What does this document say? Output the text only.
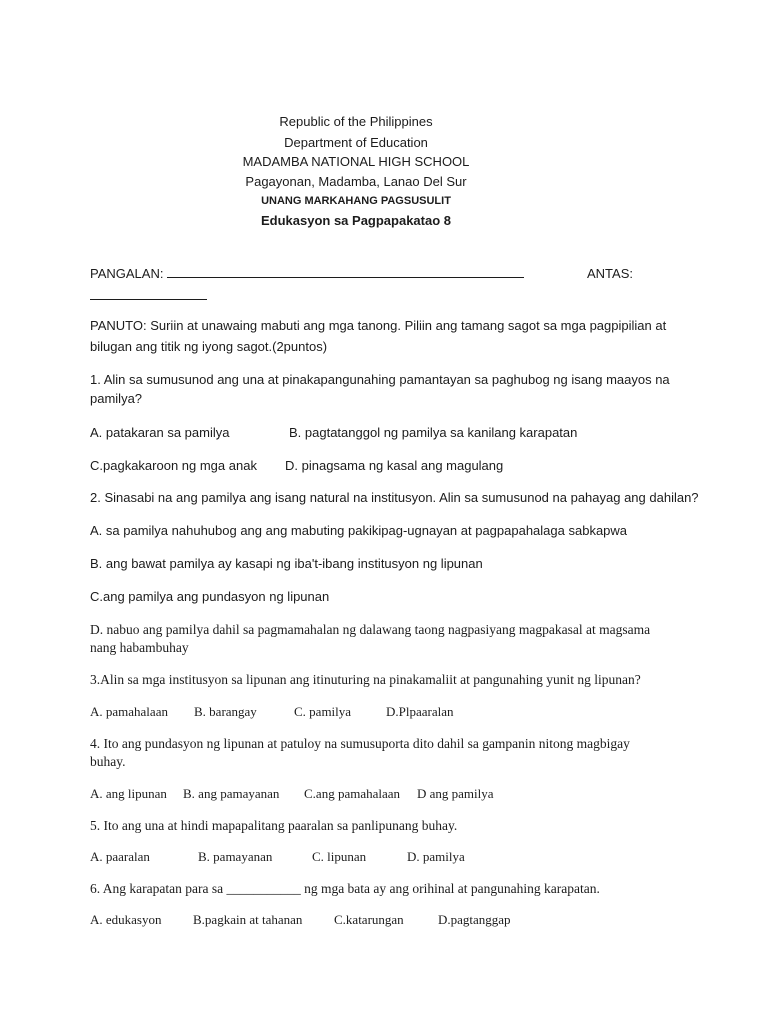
Republic of the Philippines
Department of Education
MADAMBA NATIONAL HIGH SCHOOL
Pagayonan, Madamba, Lanao Del Sur
UNANG MARKAHANG PAGSUSULIT
Edukasyon sa Pagpapakatao 8
PANGALAN:	ANTAS:
PANUTO: Suriin at unawaing mabuti ang mga tanong. Piliin ang tamang sagot sa mga pagpipilian at
bilugan ang titik ng iyong sagot.(2puntos)
1. Alin sa sumusunod ang una at pinakapangunahing pamantayan sa paghubog ng isang maayos na
pamilya?
A. patakaran sa pamilya	B. pagtatanggol ng pamilya sa kanilang karapatan
C.pagkakaroon ng mga anak D. pinagsama ng kasal ang magulang
2. Sinasabi na ang pamilya ang isang natural na institusyon. Alin sa sumusunod na pahayag ang dahilan?
A. sa pamilya nahuhubog ang ang mabuting pakikipag-ugnayan at pagpapahalaga sabkapwa
B. ang bawat pamilya ay kasapi ng iba't-ibang institusyon ng lipunan
C.ang pamilya ang pundasyon ng lipunan
D. nabuo ang pamilya dahil sa pagmamahalan ng dalawang taong nagpasiyang magpakasal at magsama
nang habambuhay
3.Alin sa mga institusyon sa lipunan ang itinuturing na pinakamaliit at pangunahing yunit ng lipunan?
A. pamahalaan B. barangay	C. pamilya	D.Plpaaralan
4. Ito ang pundasyon ng lipunan at patuloy na sumusuporta dito dahil sa gampanin nitong magbigay
buhay.
A. ang lipunan B. ang pamayanan C.ang pamahalaan D ang pamilya
5. Ito ang una at hindi mapapalitang paaralan sa panlipunang buhay.
A. paaralan	B. pamayanan	C. lipunan	D. pamilya
6. Ang karapatan para sa ___________ ng mga bata ay ang orihinal at pangunahing karapatan.
A. edukasyon B.pagkain at tahanan C.katarungan	D.pagtanggap
